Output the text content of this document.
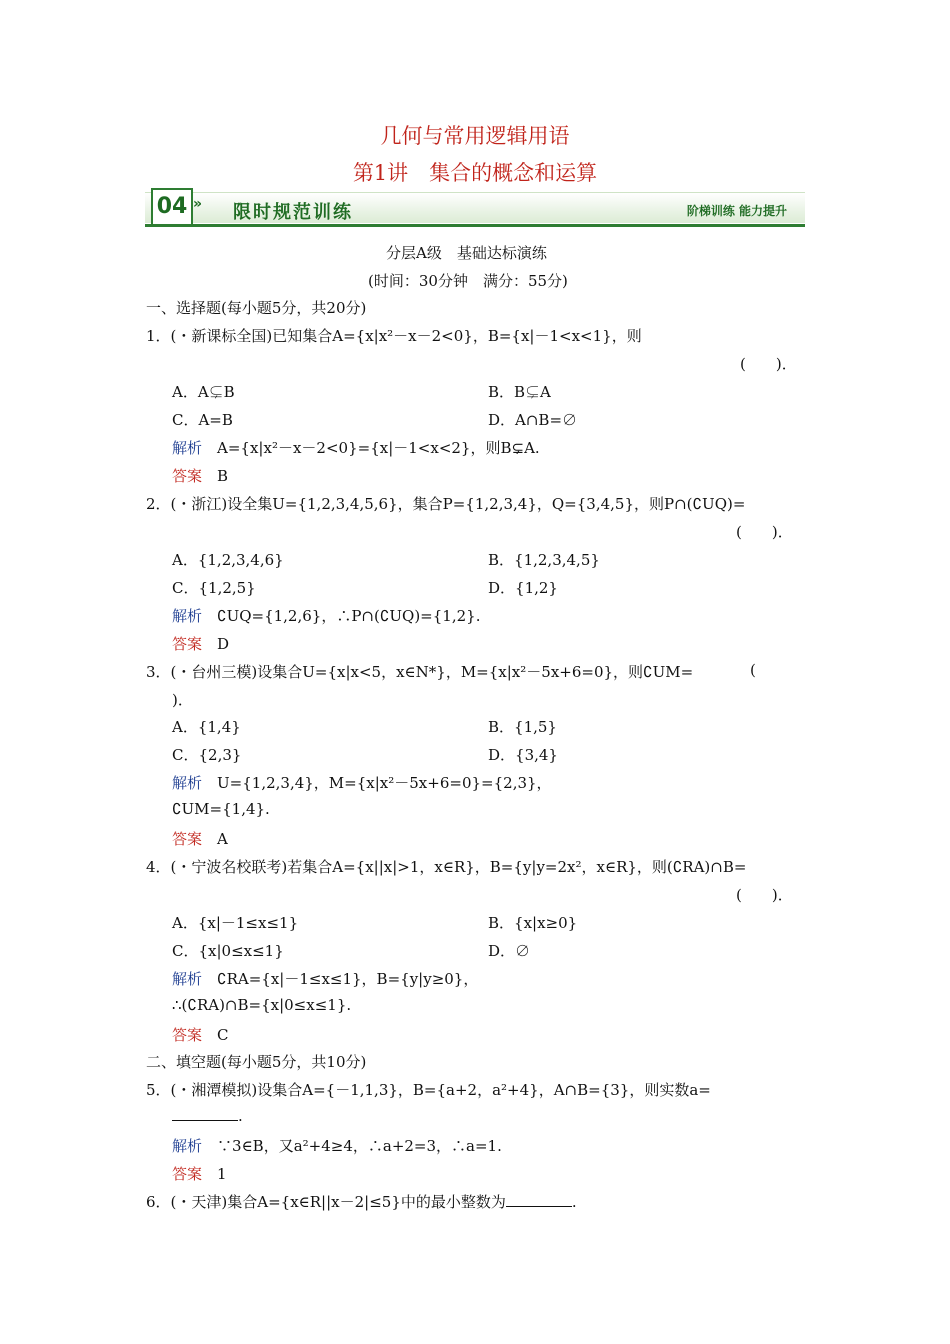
几何与常用逻辑用语
第1讲　集合的概念和运算
04 » 限时规范训练	阶梯训练 能力提升
分层A级　基础达标演练
(时间：30分钟　满分：55分)
一、选择题(每小题5分，共20分)
1．(・新课标全国)已知集合A={x|x²－x－2<0}，B={x|－1<x<1}，则
(　　)．
A．A⊊B	B．B⊊A
C．A=B	D．A∩B=∅
解析　 A={x|x²－x－2<0}={x|－1<x<2}，则B⊊A.
答案　 B
2．(・浙江)设全集U={1,2,3,4,5,6}，集合P={1,2,3,4}，Q={3,4,5}，则P∩(∁UQ)=
(　　)．
A．{1,2,3,4,6}	B．{1,2,3,4,5}
C．{1,2,5}	D．{1,2}
解析　 ∁UQ={1,2,6}，∴P∩(∁UQ)={1,2}.
答案　 D
3．(・台州三模)设集合U={x|x<5，x∈N*}，M={x|x²－5x+6=0}，则∁UM=	(
)．
A．{1,4}	B．{1,5}
C．{2,3}	D．{3,4}
解析　 U={1,2,3,4}，M={x|x²－5x+6=0}={2,3}，
∁UM={1,4}.
答案　 A
4．(・宁波名校联考)若集合A={x||x|>1，x∈R}，B={y|y=2x²，x∈R}，则(∁RA)∩B=
(　　)．
A．{x|－1≤x≤1}	B．{x|x≥0}
C．{x|0≤x≤1}	D．∅
解析　 ∁RA={x|－1≤x≤1}，B={y|y≥0}，
∴(∁RA)∩B={x|0≤x≤1}.
答案　 C
二、填空题(每小题5分，共10分)
5．(・湘潭模拟)设集合A={－1,1,3}，B={a+2，a²+4}，A∩B={3}，则实数a=
.
解析　 ∵3∈B，又a²+4≥4，∴a+2=3，∴a=1.
答案　 1
6．(・天津)集合A={x∈R||x－2|≤5}中的最小整数为	.
